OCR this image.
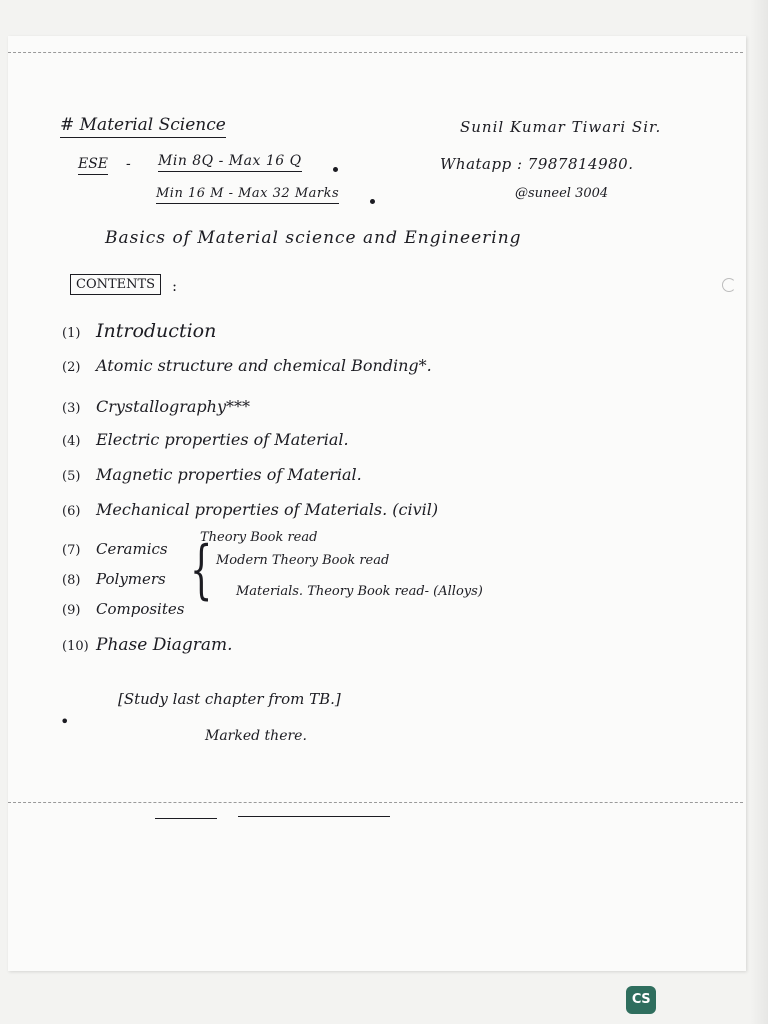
# Material Science	Sunil Kumar Tiwari Sir.
Whatapp : 7987814980.
@suneel 3004
ESE - Min 8Q - Max 16 Q
Min 16 M - Max 32 Marks
Basics of Material science and Engineering
CONTENTS	:
(1) Introduction
(2) Atomic structure and chemical Bonding*.
(3) Crystallography***
(4) Electric properties of Material.
(5) Magnetic properties of Material.
(6) Mechanical properties of Materials. (civil)
(7) Ceramics
(8) Polymers
(9) Composites
(10) Phase Diagram.
{
Theory Book read
Modern Theory Book read
Materials. Theory Book read- (Alloys)
•
[Study last chapter from TB.]
Marked there.
CS
